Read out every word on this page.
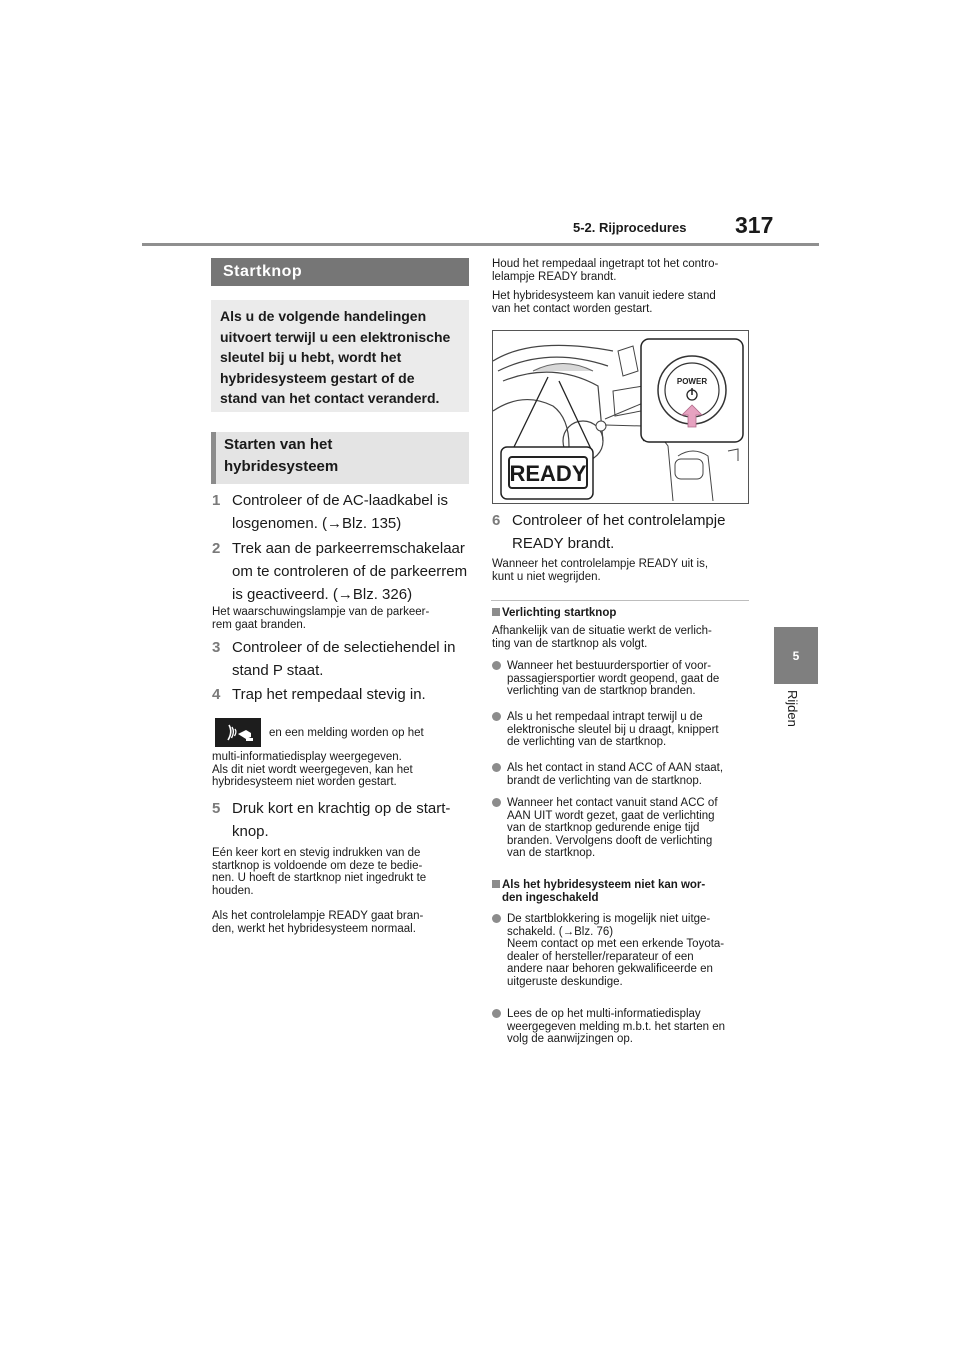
5-2. Rijprocedures 317
5
Rijden
Startknop
Als u de volgende handelingen
uitvoert terwijl u een elektronische
sleutel bij u hebt, wordt het
hybridesysteem gestart of de
stand van het contact veranderd.
Starten van het
hybridesysteem
1 Controleer of de AC-laadkabel is
losgenomen. (→Blz. 135)
2 Trek aan de parkeerremschakelaar
om te controleren of de parkeerrem
is geactiveerd. (→Blz. 326)
Het waarschuwingslampje van de parkeer-
rem gaat branden.
3 Controleer of de selectiehendel in
stand P staat.
4 Trap het rempedaal stevig in.
en een melding worden op het
multi-informatiedisplay weergegeven.
Als dit niet wordt weergegeven, kan het
hybridesysteem niet worden gestart.
5 Druk kort en krachtig op de start-
knop.
Eén keer kort en stevig indrukken van de
startknop is voldoende om deze te bedie-
nen. U hoeft de startknop niet ingedrukt te
houden.
Als het controlelampje READY gaat bran-
den, werkt het hybridesysteem normaal.
Houd het rempedaal ingetrapt tot het contro-
lelampje READY brandt.
Het hybridesysteem kan vanuit iedere stand
van het contact worden gestart.
POWER
READY
6 Controleer of het controlelampje
READY brandt.
Wanneer het controlelampje READY uit is,
kunt u niet wegrijden.
Verlichting startknop
Afhankelijk van de situatie werkt de verlich-
ting van de startknop als volgt.
Wanneer het bestuurdersportier of voor-
passagiersportier wordt geopend, gaat de
verlichting van de startknop branden.
Als u het rempedaal intrapt terwijl u de
elektronische sleutel bij u draagt, knippert
de verlichting van de startknop.
Als het contact in stand ACC of AAN staat,
brandt de verlichting van de startknop.
Wanneer het contact vanuit stand ACC of
AAN UIT wordt gezet, gaat de verlichting
van de startknop gedurende enige tijd
branden. Vervolgens dooft de verlichting
van de startknop.
Als het hybridesysteem niet kan wor-
den ingeschakeld
De startblokkering is mogelijk niet uitge-
schakeld. (→Blz. 76)
Neem contact op met een erkende Toyota-
dealer of hersteller/reparateur of een
andere naar behoren gekwalificeerde en
uitgeruste deskundige.
Lees de op het multi-informatiedisplay
weergegeven melding m.b.t. het starten en
volg de aanwijzingen op.
